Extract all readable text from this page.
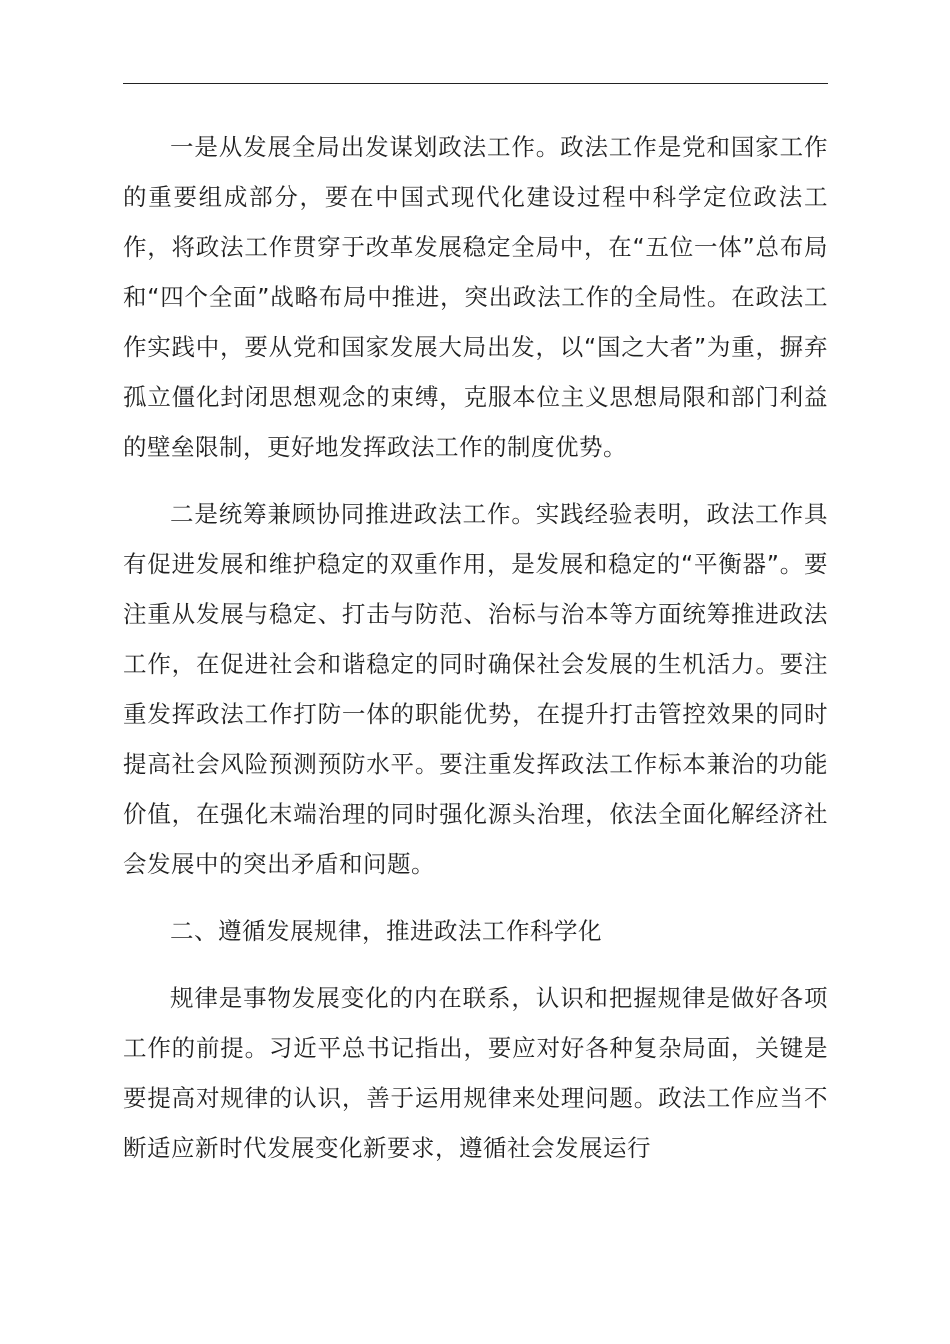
一是从发展全局出发谋划政法工作。政法工作是党和国家工作的重要组成部分，要在中国式现代化建设过程中科学定位政法工作，将政法工作贯穿于改革发展稳定全局中，在“五位一体”总布局和“四个全面”战略布局中推进，突出政法工作的全局性。在政法工作实践中，要从党和国家发展大局出发，以“国之大者”为重，摒弃孤立僵化封闭思想观念的束缚，克服本位主义思想局限和部门利益的壁垒限制，更好地发挥政法工作的制度优势。

二是统筹兼顾协同推进政法工作。实践经验表明，政法工作具有促进发展和维护稳定的双重作用，是发展和稳定的“平衡器”。要注重从发展与稳定、打击与防范、治标与治本等方面统筹推进政法工作，在促进社会和谐稳定的同时确保社会发展的生机活力。要注重发挥政法工作打防一体的职能优势，在提升打击管控效果的同时提高社会风险预测预防水平。要注重发挥政法工作标本兼治的功能价值，在强化末端治理的同时强化源头治理，依法全面化解经济社会发展中的突出矛盾和问题。

二、遵循发展规律，推进政法工作科学化

规律是事物发展变化的内在联系，认识和把握规律是做好各项工作的前提。习近平总书记指出，要应对好各种复杂局面，关键是要提高对规律的认识，善于运用规律来处理问题。政法工作应当不断适应新时代发展变化新要求，遵循社会发展运行
